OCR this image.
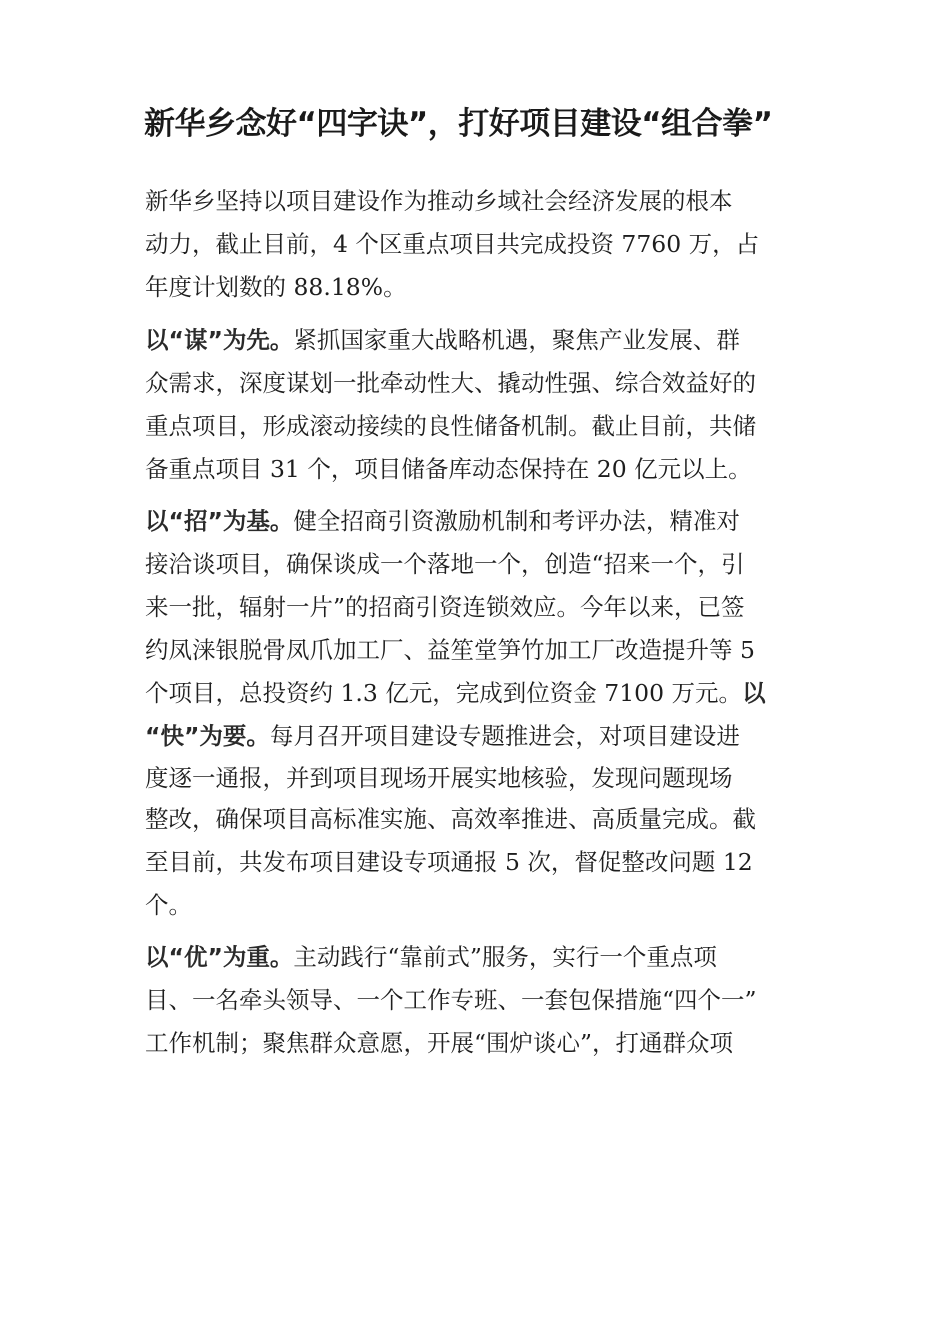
新华乡念好“四字诀”，打好项目建设“组合拳”
新华乡坚持以项目建设作为推动乡域社会经济发展的根本
动力，截止目前，4 个区重点项目共完成投资 7760 万，占
年度计划数的 88.18%。
以“谋”为先。紧抓国家重大战略机遇，聚焦产业发展、群
众需求，深度谋划一批牵动性大、撬动性强、综合效益好的
重点项目，形成滚动接续的良性储备机制。截止目前，共储
备重点项目 31 个，项目储备库动态保持在 20 亿元以上。
以“招”为基。健全招商引资激励机制和考评办法，精准对
接洽谈项目，确保谈成一个落地一个，创造“招来一个，引
来一批，辐射一片”的招商引资连锁效应。今年以来，已签
约凤涞银脱骨凤爪加工厂、益笙堂笋竹加工厂改造提升等 5
个项目，总投资约 1.3 亿元，完成到位资金 7100 万元。以
“快”为要。每月召开项目建设专题推进会，对项目建设进
度逐一通报，并到项目现场开展实地核验，发现问题现场
整改，确保项目高标准实施、高效率推进、高质量完成。截
至目前，共发布项目建设专项通报 5 次，督促整改问题 12
个。
以“优”为重。主动践行“靠前式”服务，实行一个重点项
目、一名牵头领导、一个工作专班、一套包保措施“四个一”
工作机制；聚焦群众意愿，开展“围炉谈心”，打通群众项
